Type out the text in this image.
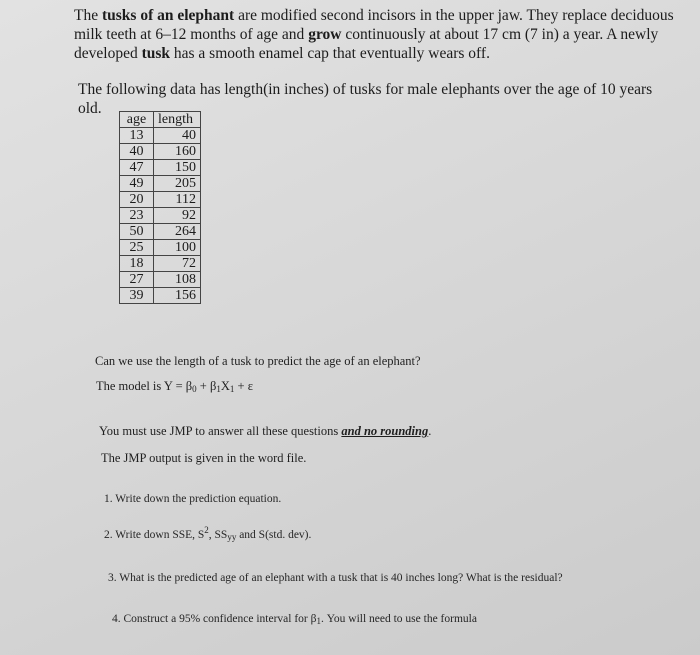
The tusks of an elephant are modified second incisors in the upper jaw. They replace deciduous milk teeth at 6–12 months of age and grow continuously at about 17 cm (7 in) a year. A newly developed tusk has a smooth enamel cap that eventually wears off.
The following data has length(in inches) of tusks for male elephants over the age of 10 years old.
age	length
13	40
40	160
47	150
49	205
20	112
23	92
50	264
25	100
18	72
27	108
39	156
Can we use the length of a tusk to predict the age of an elephant?
The model is $Y = \beta_0 + \beta_1X_1 + \varepsilon$
You must use JMP to answer all these questions and no rounding.
The JMP output is given in the word file.
1. Write down the prediction equation.
2. Write down SSE, $S^2$, $SS_{yy}$ and S(std. dev).
3. What is the predicted age of an elephant with a tusk that is 40 inches long? What is the residual?
4. Construct a 95% confidence interval for $\beta_1$. You will need to use the formula
